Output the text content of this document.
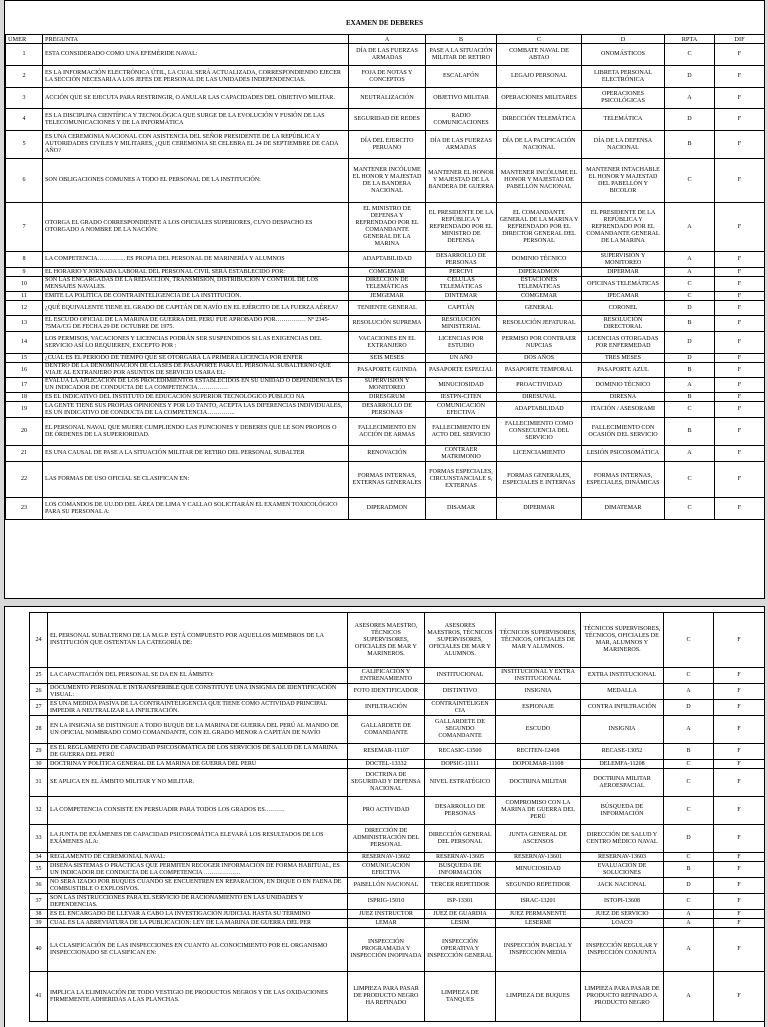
EXAMEN DE DEBERES
UMER	PREGUNTA	A	B	C	D	RPTA	DIF
1	ESTA CONSIDERADO COMO UNA EFEMÉRIDE NAVAL:	DÍA DE LAS FUERZAS ARMADAS	PASE A LA SITUACIÓN MILITAR DE RETIRO	COMBATE NAVAL DE ABTAO	ONOMÁSTICOS	C	F
2	ES LA INFORMACIÓN ELECTRÓNICA ÚTIL, LA CUAL SERÁ ACTUALIZADA, CORRESPONDIENDO EJECER LA SECCIÓN NECESARIA A LOS JEFES DE PERSONAL DE LAS UNIDADES INDEPENDENCIAS.	FOJA DE NOTAS Y CONCEPTOS	ESCALAFÓN	LEGAJO PERSONAL	LIBRETA PERSONAL ELECTRÓNICA	D	F
3	ACCIÓN QUE SE EJECUTA PARA RESTRINGIR, O ANULAR LAS CAPACIDADES DEL OBJETIVO MILITAR.	NEUTRALIZACIÓN	OBJETIVO MILITAR	OPERACIONES MILITARES	OPERACIONES PSICOLÓGICAS	A	F
4	ES LA DISCIPLINA CIENTÍFICA Y TECNOLÓGICA QUE SURGE DE LA EVOLUCIÓN Y FUSIÓN DE LAS TELECOMUNICACIONES Y DE LA INFORMÁTICA	SEGURIDAD DE REDES	RADIO COMUNICACIONES	DIRECCIÓN TELEMÁTICA	TELEMÁTICA	D	F
5	ES UNA CEREMONIA NACIONAL CON ASISTENCIA DEL SEÑOR PRESIDENTE DE LA REPÚBLICA Y AUTORIDADES CIVILES Y MILITARES, ¿QUE CEREMONIA SE CELEBRA EL 24 DE SEPTIEMBRE DE CADA AÑO?	DÍA DEL EJERCITO PERUANO	DÍA DE LAS FUERZAS ARMADAS	DÍA DE LA PACIFICACIÓN NACIONAL	DÍA DE LA DEFENSA NACIONAL	B	F
6	SON OBLIGACIONES COMUNES A TODO EL PERSONAL DE LA INSTITUCIÓN:	MANTENER INCÓLUME EL HONOR Y MAJESTAD DE LA BANDERA NACIONAL	MANTENER EL HONOR Y MAJESTAD DE LA BANDERA DE GUERRA	MANTENER INCÓLUME EL HONOR Y MAJESTAD DE PABELLÓN NACIONAL	MANTENER INTACHABLE EL HONOR Y MAJESTAD DEL PABELLÓN Y BICOLOR	C	F
7	OTORGA EL GRADO CORRESPONDIENTE A LOS OFICIALES SUPERIORES, CUYO DESPACHO ES OTORGADO A NOMBRE DE LA NACIÓN:	EL MINISTRO DE DEFENSA Y REFRENDADO POR EL COMANDANTE GENERAL DE LA MARINA	EL PRESIDENTE DE LA REPÚBLICA Y REFRENDADO POR EL MINISTRO DE DEFENSA	EL COMANDANTE GENERAL DE LA MARINA Y REFRENDADO POR EL DIRECTOR GENERAL DEL PERSONAL	EL PRESIDENTE DE LA REPÚBLICA Y REFRENDADO POR EL COMANDANTE GENERAL DE LA MARINA	A	F
8	LA COMPETENCIA………….. ES PROPIA DEL PERSONAL DE MARINERÍA Y ALUMNOS	ADAPTABILIDAD	DESARROLLO DE PERSONAS	DOMINIO TÉCNICO	SUPERVISIÓN Y MONITOREO	A	F
9	EL HORARIO Y JORNADA LABORAL DEL PERSONAL CIVIL SERÁ ESTABLECIDO POR:	COMGEMAR	PERCIVI	DIPERADMON	DIPERMAR	A	F
10	SON LAS ENCARGADAS DE LA REDACCIÓN, TRANSMISIÓN, DISTRIBUCIÓN Y CONTROL DE LOS MENSAJES NAVALES.	DIRECCIÓN DE TELEMÁTICAS	CÉLULAS TELEMÁTICAS	ESTACIONES TELEMÁTICAS	OFICINAS TELEMÁTICAS	C	F
11	EMITE LA POLÍTICA DE CONTRAINTELIGENCIA DE LA INSTITUCIÓN.	JEMGEMAR	DINTEMAR	COMGEMAR	IPECAMAR	C	F
12	¿QUÉ EQUIVALENTE TIENE EL GRADO DE CAPITÁN DE NAVÍO EN EL EJÉRCITO DE LA FUERZA AÉREA?	TENIENTE GENERAL	CAPITÁN	GENERAL	CORONEL	D	F
13	EL ESCUDO OFICIAL DE LA MARINA DE GUERRA DEL PERÚ FUE APROBADO POR…………… Nº 2345-75MA/CG DE FECHA 29 DE OCTUBRE DE 1975.	RESOLUCIÓN SUPREMA	RESOLUCIÓN MINISTERIAL	RESOLUCIÓN JEFATURAL	RESOLUCIÓN DIRECTORAL	B	F
14	LOS PERMISOS, VACACIONES Y LICENCIAS PODRÁN SER SUSPENDIDOS SI LAS EXIGENCIAS DEL SERVICIO ASÍ LO REQUIEREN, EXCEPTO POR :	VACACIONES EN EL EXTRANJERO	LICENCIAS POR ESTUDIO	PERMISO POR CONTRAER NUPCIAS	LICENCIAS OTORGADAS POR ENFERMEDAD	D	F
15	¿CUÁL ES EL PERIODO DE TIEMPO QUE SE OTORGARÁ LA PRIMERA LICENCIA POR ENFER	SEIS MESES	UN AÑO	DOS AÑOS	TRES MESES	D	F
16	DENTRO DE LA DENOMINACIÓN DE CLASES DE PASAPORTE PARA EL PERSONAL SUBALTERNO QUE VIAJE AL EXTRANJERO POR ASUNTOS DE SERVICIO USARA EL:	PASAPORTE GUINDA	PASAPORTE ESPECIAL	PASAPORTE TEMPORAL	PASAPORTE AZUL	B	F
17	EVALÚA LA APLICACIÓN DE LOS PROCEDIMIENTOS ESTABLECIDOS EN SU UNIDAD O DEPENDENCIA ES UN INDICADOR DE CONDUCTA DE LA COMPETENCIA……………	SUPERVISIÓN Y MONITOREO	MINUCIOSIDAD	PROACTIVIDAD	DOMINIO TÉCNICO	A	F
18	ES EL INDICATIVO DEL INSTITUTO DE EDUCACIÓN SUPERIOR TECNOLÓGICO PÚBLICO NA	DIRESGRUM	IESTPN-CITEN	DIRESUVAL	DIRESNA	B	F
19	LA GENTE TIENE SUS PROPIAS OPINIONES Y POR LO TANTO, ACEPTA LAS DIFERENCIAS INDIVIDUALES, ES UN INDICATIVO DE CONDUCTA DE LA COMPETENCIA…………..	DESARROLLO DE PERSONAS	COMUNICACIÓN EFECTIVA	ADAPTABILIDAD	ITACIÓN / ASESORAMI	C	F
20	EL PERSONAL NAVAL QUE MUERE CUMPLIENDO LAS FUNCIONES Y DEBERES QUE LE SON PROPIOS O DE ÓRDENES DE LA SUPERIORIDAD.	FALLECIMIENTO EN ACCIÓN DE ARMAS	FALLECIMIENTO EN ACTO DEL SERVICIO	FALLECIMIENTO COMO CONSECUENCIA DEL SERVICIO	FALLECIMIENTO CON OCASIÓN DEL SERVICIO	B	F
21	ES UNA CAUSAL DE PASE A LA SITUACIÓN MILITAR DE RETIRO DEL PERSONAL SUBALTER	RENOVACIÓN	CONTRAER MATRIMONIO	LICENCIAMIENTO	LESIÓN PSICOSOMÁTICA	A	F
22	LAS FORMAS DE USO OFICIAL SE CLASIFICAN EN:	FORMAS INTERNAS, EXTERNAS GENERALES	FORMAS ESPECIALES, CIRCUNSTANCIALE S, EXTERNAS	FORMAS GENERALES, ESPECIALES E INTERNAS	FORMAS INTERNAS, ESPECIALES, DINÁMICAS	C	F
23	LOS COMANDOS DE UU.DD DEL ÁREA DE LIMA Y CALLAO SOLICITARÁN EL EXAMEN TOXICOLÓGICO PARA SU PERSONAL A:	DIPERADMON	DISAMAR	DIPERMAR	DIMATEMAR	C	F
24	EL PERSONAL SUBALTERNO DE LA M.G.P. ESTÁ COMPUESTO POR AQUELLOS MIEMBROS DE LA INSTITUCIÓN QUE OSTENTAN LA CATEGORÍA DE:	ASESORES MAESTRO, TÉCNICOS SUPERVISORES, OFICIALES DE MAR Y MARINEROS.	ASESORES MAESTROS, TÉCNICOS SUPERVISORES, OFICIALES DE MAR Y ALUMNOS.	TÉCNICOS SUPERVISORES, TÉCNICOS, OFICIALES DE MAR Y ALUMNOS.	TÉCNICOS SUPERVISORES, TÉCNICOS, OFICIALES DE MAR, ALUMNOS Y MARINEROS.	C	F
25	LA CAPACITACIÓN DEL PERSONAL SE DA EN EL ÁMBITO:	CALIFICACIÓN Y ENTRENAMIENTO	INSTITUCIONAL	INSTITUCIONAL Y EXTRA INSTITUCIONAL	EXTRA INSTITUCIONAL	C	F
26	DOCUMENTO PERSONAL E INTRANSFERIBLE QUE CONSTITUYE UNA INSIGNIA DE IDENTIFICACIÓN VISUAL:	FOTO IDENTIFICADOR	DISTINTIVO	INSIGNIA	MEDALLA	A	F
27	ES UNA MEDIDA PASIVA DE LA CONTRAINTELIGENCIA QUE TIENE COMO ACTIVIDAD PRINCIPAL IMPEDIR A NEUTRALIZAR LA INFILTRACIÓN.	INFILTRACIÓN	CONTRAINTELIGEN CIA	ESPIONAJE	CONTRA INFILTRACIÓN	D	F
28	EN LA INSIGNIA SE DISTINGUE A TODO BUQUE DE LA MARINA DE GUERRA DEL PERÚ AL MANDO DE UN OFICIAL NOMBRADO COMO COMANDANTE, CON EL GRADO MENOR A CAPITÁN DE NAVÍO	GALLARDETE DE COMANDANTE	GALLARDETE DE SEGUNDO COMANDANTE	ESCUDO	INSIGNIA	A	F
29	ES EL REGLAMENTO DE CAPACIDAD PSICOSOMÁTICA DE LOS SERVICIOS DE SALUD DE LA MARINA DE GUERRA DEL PERÚ	RESEMAR-11107	RECASIC-13500	RECITEN-12408	RECASE-13052	B	F
30	DOCTRINA Y POLÍTICA GENERAL DE LA MARINA DE GUERRA DEL PERÚ	DOCTEL-13332	DOPSIC-11111	DOPOLMAR-11108	DELEMFA-11208	C	F
31	SE APLICA EN EL ÁMBITO MILITAR Y NO MILITAR.	DOCTRINA DE SEGURIDAD Y DEFENSA NACIONAL	NIVEL ESTRATÉGICO	DOCTRINA MILITAR	DOCTRINA MILITAR AEROESPACIAL	C	F
32	LA COMPETENCIA CONSISTE EN PERSUADIR PARA TODOS LOS GRADOS ES……….	PRO ACTIVIDAD	DESARROLLO DE PERSONAS	COMPROMISO CON LA MARINA DE GUERRA DEL PERÚ	BÚSQUEDA DE INFORMACIÓN	C	F
33	LA JUNTA DE EXÁMENES DE CAPACIDAD PSICOSOMÁTICA ELEVARÁ LOS RESULTADOS DE LOS EXÁMENES ALA:	DIRECCIÓN DE ADMINISTRACIÓN DEL PERSONAL	DIRECCIÓN GENERAL DEL PERSONAL	JUNTA GENERAL DE ASCENSOS	DIRECCIÓN DE SALUD Y CENTRO MÉDICO NAVAL	D	F
34	REGLAMENTO DE CEREMONIAL NAVAL:	RESERNAV-13602	RESERNAV-13605	RESERNAV-13601	RESERNAV-13603	C	F
35	DISEÑA SISTEMAS O PRÁCTICAS QUE PERMITEN RECOGER INFORMACIÓN DE FORMA HABITUAL, ES UN INDICADOR DE CONDUCTA DE LA COMPETENCIA ………………	COMUNICACIÓN EFECTIVA	BÚSQUEDA DE INFORMACIÓN	MINUCIOSIDAD	EVALUACIÓN DE SOLUCIONES	B	F
36	NO SERÁ IZADO POR BUQUES CUANDO SE ENCUENTREN EN REPARACIÓN, EN DIQUE O EN FAENA DE COMBUSTIBLE O EXPLOSIVOS.	PABELLÓN NACIONAL	TERCER REPETIDOR	SEGUNDO REPETIDOR	JACK NACIONAL	D	F
37	SON LAS INSTRUCCIONES PARA EL SERVICIO DE RACIONAMIENTO EN LAS UNIDADES Y DEPENDENCIAS.	ISPRIG-15010	ISP-13301	ISRAC-13201	ISTOPI-13608	C	F
38	ES EL ENCARGADO DE LLEVAR A CABO LA INVESTIGACIÓN JUDICIAL HASTA SU TÉRMINO	JUEZ INSTRUCTOR	JUEZ DE GUARDIA	JUEZ PERMANENTE	JUEZ DE SERVICIO	A	F
39	CUAL ES LA ABREVIATURA DE LA PUBLICACIÓN: LEY DE LA MARINA DE GUERRA DEL PER	LEMAR	LESIM	LESERMI	LOACO	A	F
40	LA CLASIFICACIÓN DE LAS INSPECCIONES EN CUANTO AL CONOCIMIENTO POR EL ORGANISMO INSPECCIONADO SE CLASIFICAN EN:	INSPECCIÓN PROGRAMADA Y INSPECCIÓN INOPINADA	INSPECCIÓN OPERATIVA Y INSPECCIÓN GENERAL	INSPECCIÓN PARCIAL Y INSPECCIÓN MEDIA	INSPECCIÓN REGULAR Y INSPECCIÓN CONJUNTA	A	F
41	IMPLICA LA ELIMINACIÓN DE TODO VESTIGIO DE PRODUCTOS NEGROS Y DE LAS OXIDACIONES FIRMEMENTE ADHERIDAS A LAS PLANCHAS.	LIMPIEZA PARA PASAR DE PRODUCTO NEGRO HA REFINADO	LIMPIEZA DE TANQUES	LIMPIEZA DE BUQUES	LIMPIEZA PARA PASAR DE PRODUCTO REFINADO A PRODUCTO NEGRO	A	F
